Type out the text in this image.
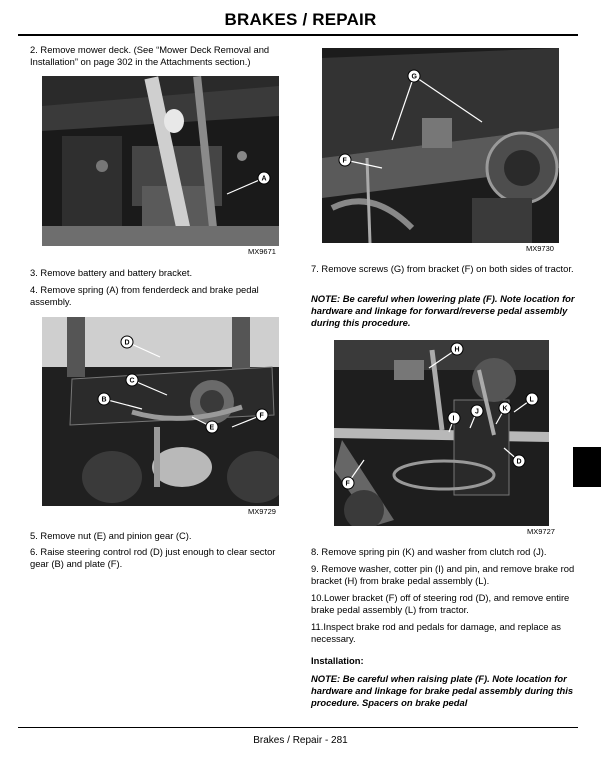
BRAKES / REPAIR
2. Remove mower deck. (See “Mower Deck Removal and Installation” on page 302 in the Attachments section.)
A
MX9671
3. Remove battery and battery bracket.
4. Remove spring (A) from fenderdeck and brake pedal assembly.
D
C
B
E
F
MX9729
5. Remove nut (E) and pinion gear (C).
6. Raise steering control rod (D) just enough to clear sector gear (B) and plate (F).
G
F
MX9730
7. Remove screws (G) from bracket (F) on both sides of tractor.
NOTE: Be careful when lowering plate (F). Note location for hardware and linkage for forward/reverse pedal assembly during this procedure.
H
I
J	K
L
D
F
MX9727
8. Remove spring pin (K) and washer from clutch rod (J).
9. Remove washer, cotter pin (I) and pin, and remove brake rod bracket (H) from brake pedal assembly (L).
10.Lower bracket (F) off of steering rod (D), and remove entire brake pedal assembly (L) from tractor.
11.Inspect brake rod and pedals for damage, and replace as necessary.
Installation:
NOTE: Be careful when raising plate (F). Note location for hardware and linkage for brake pedal assembly during this procedure. Spacers on brake pedal
Brakes / Repair - 281
